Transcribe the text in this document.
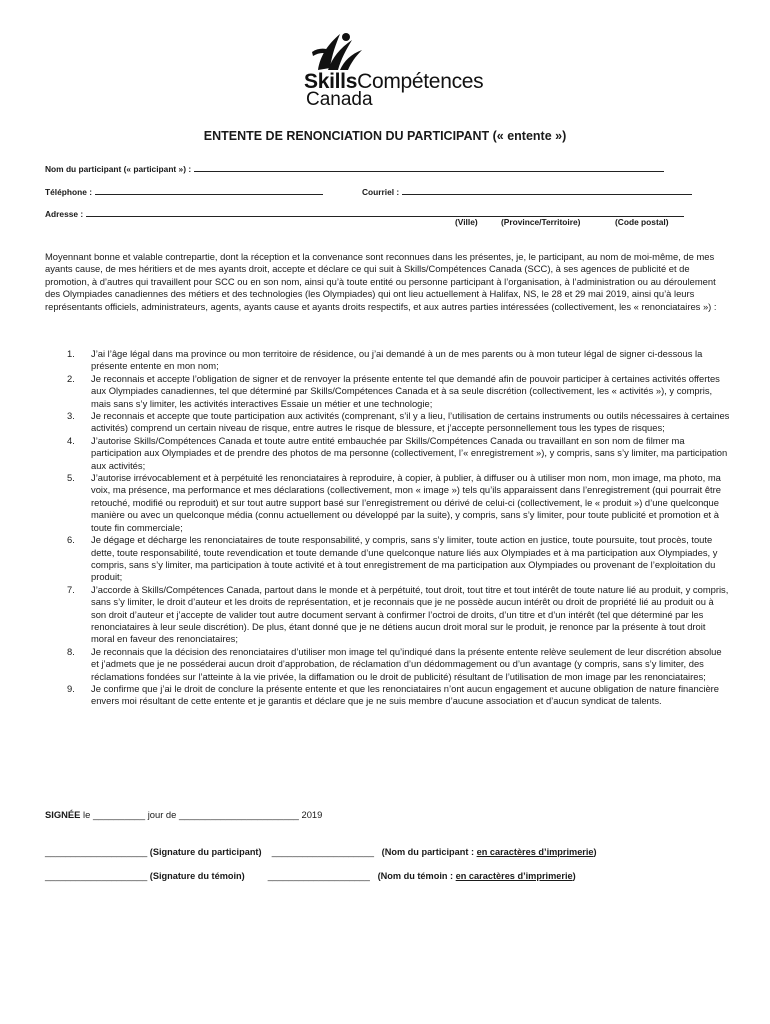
SkillsCompétences
Canada
ENTENTE DE RENONCIATION DU PARTICIPANT (« entente »)
Nom du participant (« participant ») :
Téléphone :	Courriel :
Adresse :
(Ville)	(Province/Territoire)	(Code postal)
Moyennant bonne et valable contrepartie, dont la réception et la convenance sont reconnues dans les présentes, je, le participant, au nom de moi-même, de mes ayants cause, de mes héritiers et de mes ayants droit, accepte et déclare ce qui suit à Skills/Compétences Canada (SCC), à ses agences de publicité et de promotion, à d’autres qui travaillent pour SCC ou en son nom, ainsi qu’à toute entité ou personne participant à l’organisation, à l’administration ou au déroulement des Olympiades canadiennes des métiers et des technologies (les Olympiades) qui ont lieu actuellement à Halifax, NS, le 28 et 29 mai 2019, ainsi qu’à leurs représentants officiels, administrateurs, agents, ayants cause et ayants droits respectifs, et aux autres parties intéressées (collectivement, les « renonciataires ») :
1. J’ai l’âge légal dans ma province ou mon territoire de résidence, ou j’ai demandé à un de mes parents ou à mon tuteur légal de signer ci-dessous la présente entente en mon nom;
2. Je reconnais et accepte l’obligation de signer et de renvoyer la présente entente tel que demandé afin de pouvoir participer à certaines activités offertes aux Olympiades canadiennes, tel que déterminé par Skills/Compétences Canada et à sa seule discrétion (collectivement, les « activités »), y compris, mais sans s’y limiter, les activités interactives Essaie un métier et une technologie;
3. Je reconnais et accepte que toute participation aux activités (comprenant, s’il y a lieu, l’utilisation de certains instruments ou outils nécessaires à certaines activités) comprend un certain niveau de risque, entre autres le risque de blessure, et j’accepte personnellement tous les types de risques;
4. J’autorise Skills/Compétences Canada et toute autre entité embauchée par Skills/Compétences Canada ou travaillant en son nom de filmer ma participation aux Olympiades et de prendre des photos de ma personne (collectivement, l’« enregistrement »), y compris, sans s’y limiter, ma participation aux activités;
5. J’autorise irrévocablement et à perpétuité les renonciataires à reproduire, à copier, à publier, à diffuser ou à utiliser mon nom, mon image, ma photo, ma voix, ma présence, ma performance et mes déclarations (collectivement, mon « image ») tels qu’ils apparaissent dans l’enregistrement (qui pourrait être retouché, modifié ou reproduit) et sur tout autre support basé sur l’enregistrement ou dérivé de celui-ci (collectivement, le « produit ») d’une quelconque manière ou avec un quelconque média (connu actuellement ou développé par la suite), y compris, sans s’y limiter, pour toute publicité et promotion et à toute fin commerciale;
6. Je dégage et décharge les renonciataires de toute responsabilité, y compris, sans s’y limiter, toute action en justice, toute poursuite, tout procès, toute dette, toute responsabilité, toute revendication et toute demande d’une quelconque nature liés aux Olympiades et à ma participation aux Olympiades, y compris, sans s’y limiter, ma participation à toute activité et à tout enregistrement de ma participation aux Olympiades ou provenant de l’exploitation du produit;
7. J’accorde à Skills/Compétences Canada, partout dans le monde et à perpétuité, tout droit, tout titre et tout intérêt de toute nature lié au produit, y compris, sans s’y limiter, le droit d’auteur et les droits de représentation, et je reconnais que je ne possède aucun intérêt ou droit de propriété lié au produit ou à son droit d’auteur et j’accepte de valider tout autre document servant à confirmer l’octroi de droits, d’un titre et d’un intérêt (tel que déterminé par les renonciataires à leur seule discrétion). De plus, étant donné que je ne détiens aucun droit moral sur le produit, je renonce par la présente à tout droit moral en faveur des renonciataires;
8. Je reconnais que la décision des renonciataires d’utiliser mon image tel qu’indiqué dans la présente entente relève seulement de leur discrétion absolue et j’admets que je ne posséderai aucun droit d’approbation, de réclamation d’un dédommagement ou d’un avantage (y compris, sans s’y limiter, des réclamations fondées sur l’atteinte à la vie privée, la diffamation ou le droit de publicité) résultant de l’utilisation de mon image par les renonciataires;
9. Je confirme que j’ai le droit de conclure la présente entente et que les renonciataires n’ont aucun engagement et aucune obligation de nature financière envers moi résultant de cette entente et je garantis et déclare que je ne suis membre d’aucune association et d’aucun syndicat de talents.
SIGNÉE le __________ jour de _______________________ 2019
____________________ (Signature du participant) ____________________ (Nom du participant : en caractères d’imprimerie)
____________________ (Signature du témoin) ____________________ (Nom du témoin : en caractères d’imprimerie)
